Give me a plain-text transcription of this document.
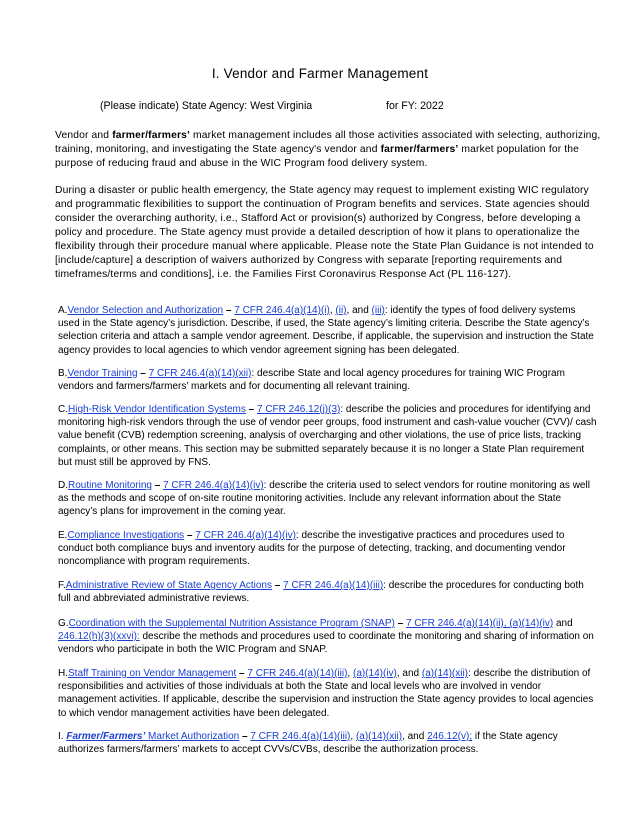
I. Vendor and Farmer Management
(Please indicate) State Agency: West Virginia	for FY: 2022

Vendor and farmer/farmers’ market management includes all those activities associated with selecting, authorizing, training, monitoring, and investigating the State agency's vendor and farmer/farmers’ market population for the purpose of reducing fraud and abuse in the WIC Program food delivery system.

During a disaster or public health emergency, the State agency may request to implement existing WIC regulatory and programmatic flexibilities to support the continuation of Program benefits and services. State agencies should consider the overarching authority, i.e., Stafford Act or provision(s) authorized by Congress, before developing a policy and procedure. The State agency must provide a detailed description of how it plans to operationalize the flexibility through their procedure manual where applicable. Please note the State Plan Guidance is not intended to [include/capture] a description of waivers authorized by Congress with separate [reporting requirements and timeframes/terms and conditions], i.e. the Families First Coronavirus Response Act (PL 116-127).

A.Vendor Selection and Authorization – 7 CFR 246.4(a)(14)(i), (ii), and (iii): identify the types of food delivery systems used in the State agency’s jurisdiction. Describe, if used, the State agency’s limiting criteria. Describe the State agency’s selection criteria and attach a sample vendor agreement. Describe, if applicable, the supervision and instruction the State agency provides to local agencies to which vendor agreement signing has been delegated.

B.Vendor Training – 7 CFR 246.4(a)(14)(xii): describe State and local agency procedures for training WIC Program vendors and farmers/farmers’ markets and for documenting all relevant training.

C.High-Risk Vendor Identification Systems – 7 CFR 246.12(j)(3): describe the policies and procedures for identifying and monitoring high-risk vendors through the use of vendor peer groups, food instrument and cash-value voucher (CVV)/ cash value benefit (CVB) redemption screening, analysis of overcharging and other violations, the use of price lists, tracking complaints, or other means. This section may be submitted separately because it is no longer a State Plan requirement but must still be approved by FNS.

D.Routine Monitoring – 7 CFR 246.4(a)(14)(iv): describe the criteria used to select vendors for routine monitoring as well as the methods and scope of on-site routine monitoring activities. Include any relevant information about the State agency’s plans for improvement in the coming year.

E.Compliance Investigations – 7 CFR 246.4(a)(14)(iv): describe the investigative practices and procedures used to conduct both compliance buys and inventory audits for the purpose of detecting, tracking, and documenting vendor noncompliance with program requirements.

F.Administrative Review of State Agency Actions – 7 CFR 246.4(a)(14)(iii): describe the procedures for conducting both full and abbreviated administrative reviews.

G.Coordination with the Supplemental Nutrition Assistance Program (SNAP) – 7 CFR 246.4(a)(14)(ii), (a)(14)(iv) and 246.12(h)(3)(xxvi): describe the methods and procedures used to coordinate the monitoring and sharing of information on vendors who participate in both the WIC Program and SNAP.

H.Staff Training on Vendor Management – 7 CFR 246.4(a)(14)(iii), (a)(14)(iv), and (a)(14)(xii): describe the distribution of responsibilities and activities of those individuals at both the State and local levels who are involved in vendor management activities. If applicable, describe the supervision and instruction the State agency provides to local agencies to which vendor management activities have been delegated.

I. Farmer/Farmers’ Market Authorization – 7 CFR 246.4(a)(14)(iii), (a)(14)(xii), and 246.12(v); if the State agency authorizes farmers/farmers’ markets to accept CVVs/CVBs, describe the authorization process.
